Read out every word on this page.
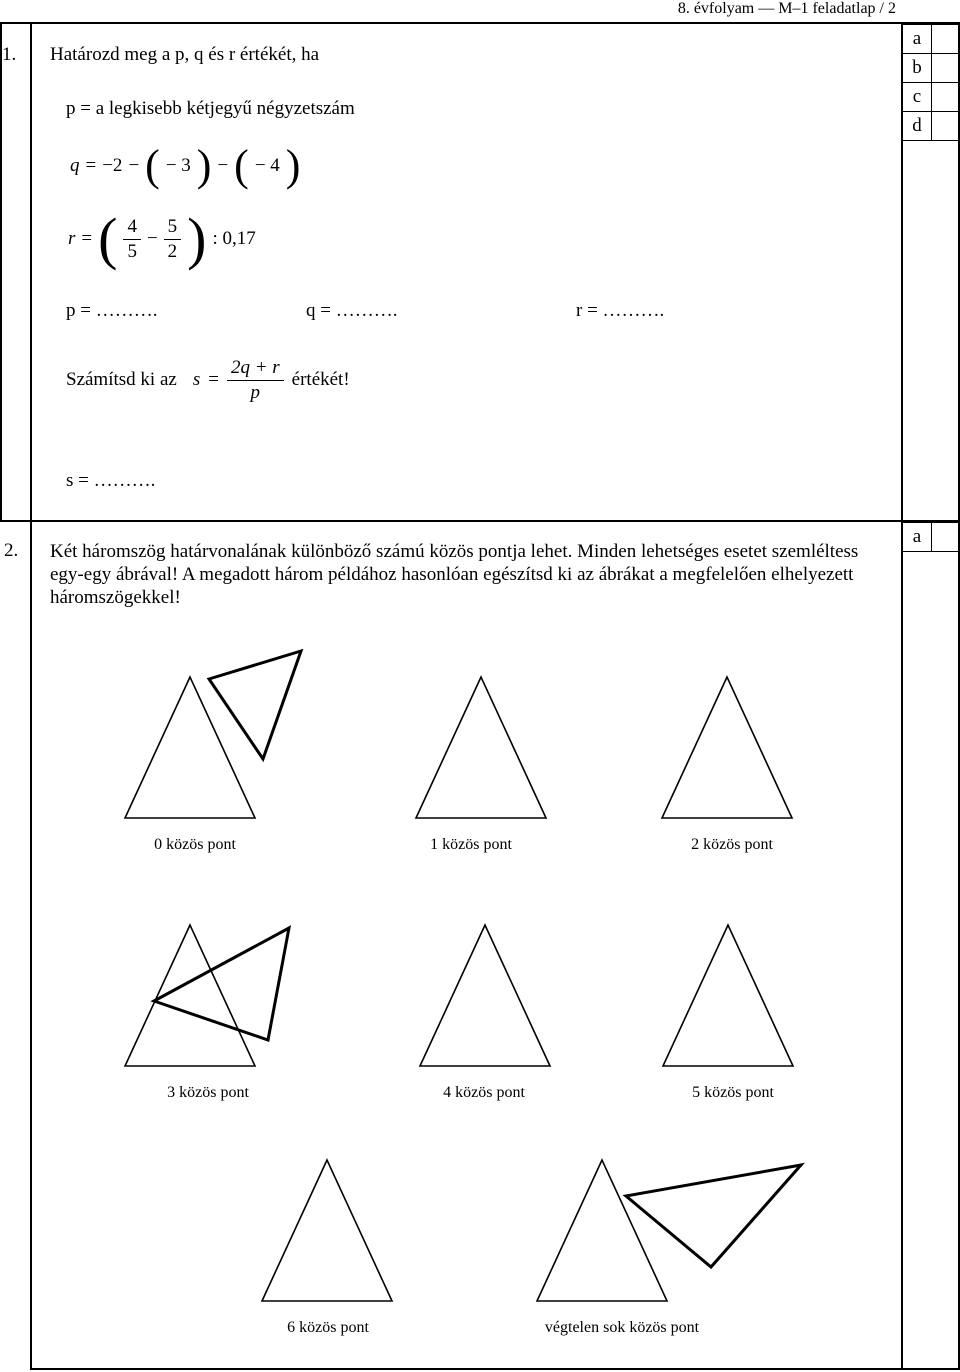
8. évfolyam — M–1 feladatlap / 2
a	
b	
c	
d	
a	
1. Határozd meg a p, q és r értékét, ha
p = a legkisebb kétjegyű négyzetszám
q = −2 − ( − 3 ) − ( − 4 )
r = ( $\frac{4}{5} - \frac{5}{2}$ ) : 0,17
p = ……….	q = ……….	r = ……….
Számítsd ki az $s = \frac{2q + r}{p}$ értékét!
s = ……….
2. Két háromszög határvonalának különböző számú közös pontja lehet. Minden lehetséges esetet szemléltess egy-egy ábrával! A megadott három példához hasonlóan egészítsd ki az ábrákat a megfelelően elhelyezett háromszögekkel!
0 közös pont	1 közös pont	2 közös pont
3 közös pont	4 közös pont	5 közös pont
6 közös pont	végtelen sok közös pont
